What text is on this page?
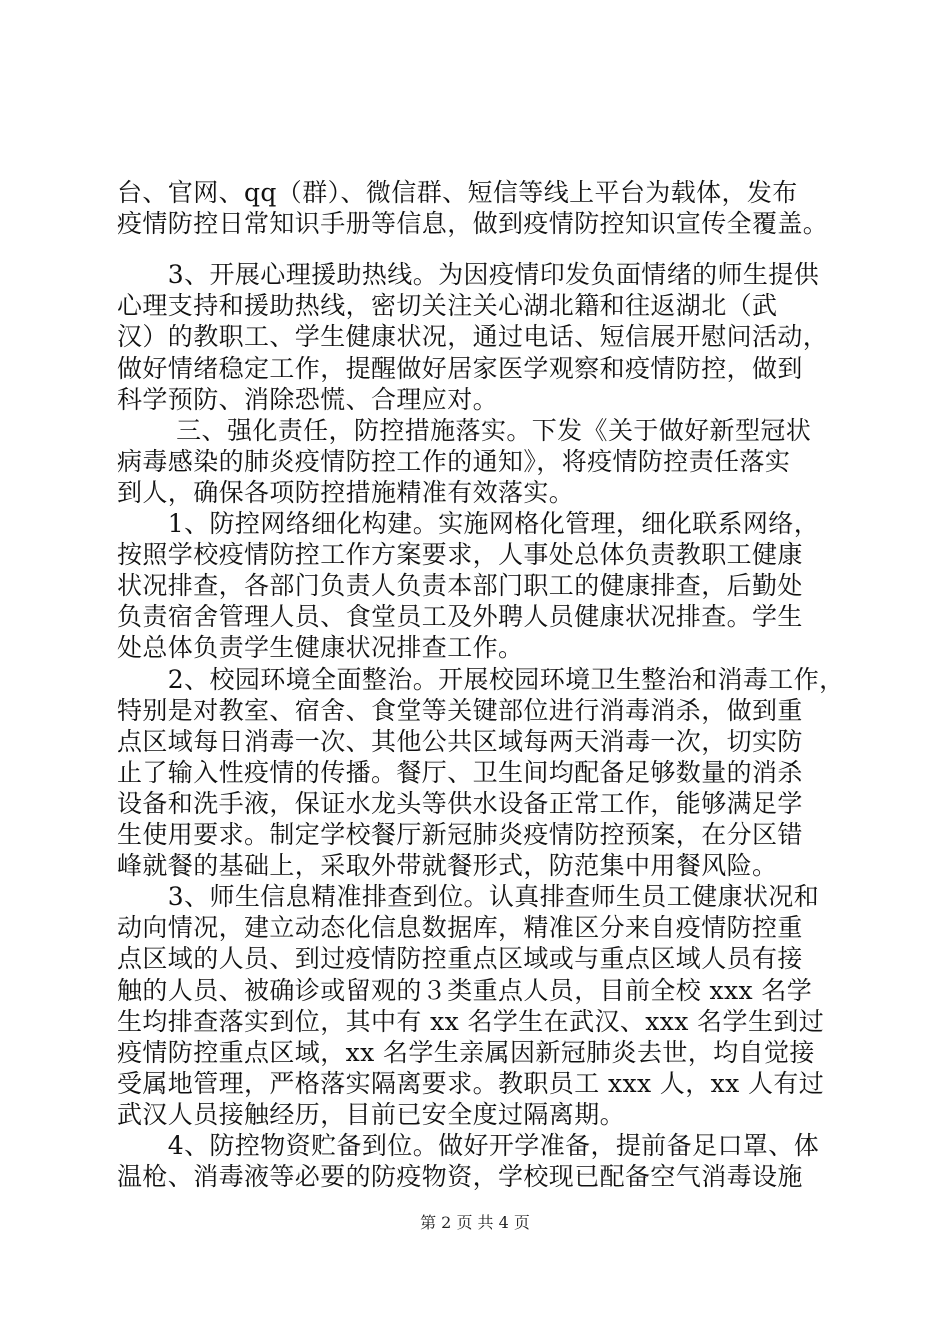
台、官网、qq（群）、微信群、短信等线上平台为载体，发布
疫情防控日常知识手册等信息，做到疫情防控知识宣传全覆盖。
　　3、开展心理援助热线。为因疫情印发负面情绪的师生提供
心理支持和援助热线，密切关注关心湖北籍和往返湖北（武
汉）的教职工、学生健康状况，通过电话、短信展开慰问活动，
做好情绪稳定工作，提醒做好居家医学观察和疫情防控，做到
科学预防、消除恐慌、合理应对。
　　 三、强化责任，防控措施落实。下发《关于做好新型冠状
病毒感染的肺炎疫情防控工作的通知》，将疫情防控责任落实
到人，确保各项防控措施精准有效落实。
　　1、防控网络细化构建。实施网格化管理，细化联系网络，
按照学校疫情防控工作方案要求，人事处总体负责教职工健康
状况排查，各部门负责人负责本部门职工的健康排查，后勤处
负责宿舍管理人员、食堂员工及外聘人员健康状况排查。学生
处总体负责学生健康状况排查工作。
　　2、校园环境全面整治。开展校园环境卫生整治和消毒工作，
特别是对教室、宿舍、食堂等关键部位进行消毒消杀，做到重
点区域每日消毒一次、其他公共区域每两天消毒一次，切实防
止了输入性疫情的传播。餐厅、卫生间均配备足够数量的消杀
设备和洗手液，保证水龙头等供水设备正常工作，能够满足学
生使用要求。制定学校餐厅新冠肺炎疫情防控预案，在分区错
峰就餐的基础上，采取外带就餐形式，防范集中用餐风险。
　　3、师生信息精准排查到位。认真排查师生员工健康状况和
动向情况，建立动态化信息数据库，精准区分来自疫情防控重
点区域的人员、到过疫情防控重点区域或与重点区域人员有接
触的人员、被确诊或留观的３类重点人员，目前全校 xxx 名学
生均排查落实到位，其中有 xx 名学生在武汉、xxx 名学生到过
疫情防控重点区域，xx 名学生亲属因新冠肺炎去世，均自觉接
受属地管理，严格落实隔离要求。教职员工 xxx 人，xx 人有过
武汉人员接触经历，目前已安全度过隔离期。
　　4、防控物资贮备到位。做好开学准备，提前备足口罩、体
温枪、消毒液等必要的防疫物资，学校现已配备空气消毒设施
第 2 页 共 4 页
